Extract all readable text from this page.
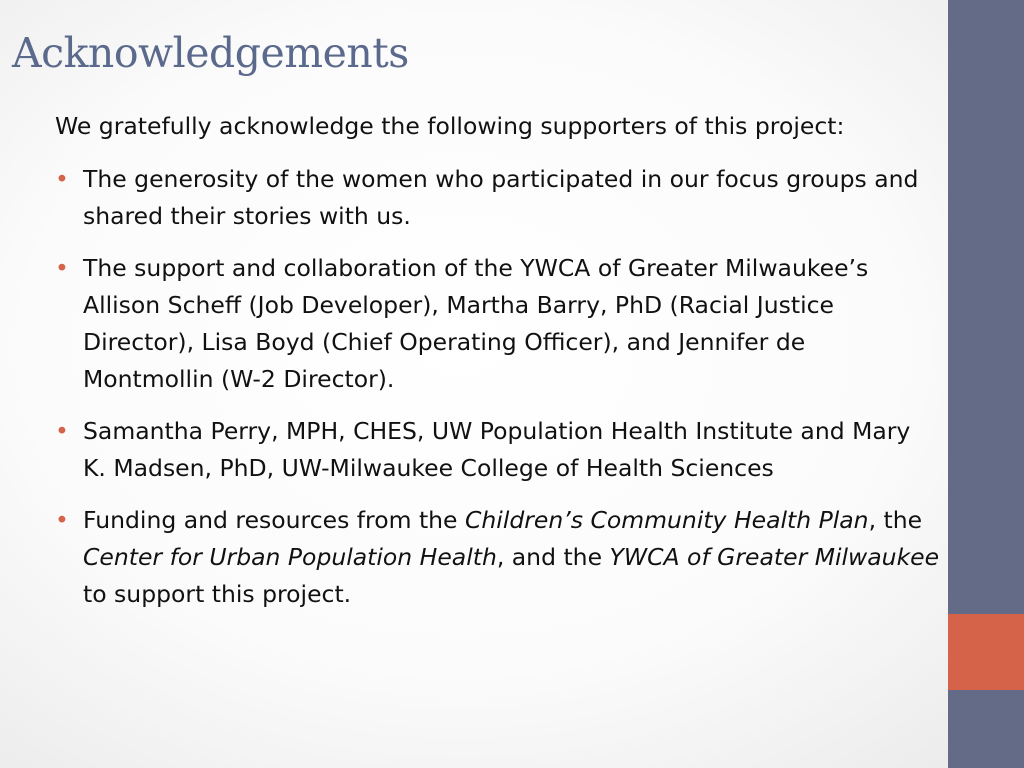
Acknowledgements

We gratefully acknowledge the following supporters of this project:

• The generosity of the women who participated in our focus groups and shared their stories with us.
• The support and collaboration of the YWCA of Greater Milwaukee’s Allison Scheff (Job Developer), Martha Barry, PhD (Racial Justice Director), Lisa Boyd (Chief Operating Officer), and Jennifer de Montmollin (W-2 Director).
• Samantha Perry, MPH, CHES, UW Population Health Institute and Mary K. Madsen, PhD, UW-Milwaukee College of Health Sciences
• Funding and resources from the Children’s Community Health Plan, the Center for Urban Population Health, and the YWCA of Greater Milwaukee to support this project.
